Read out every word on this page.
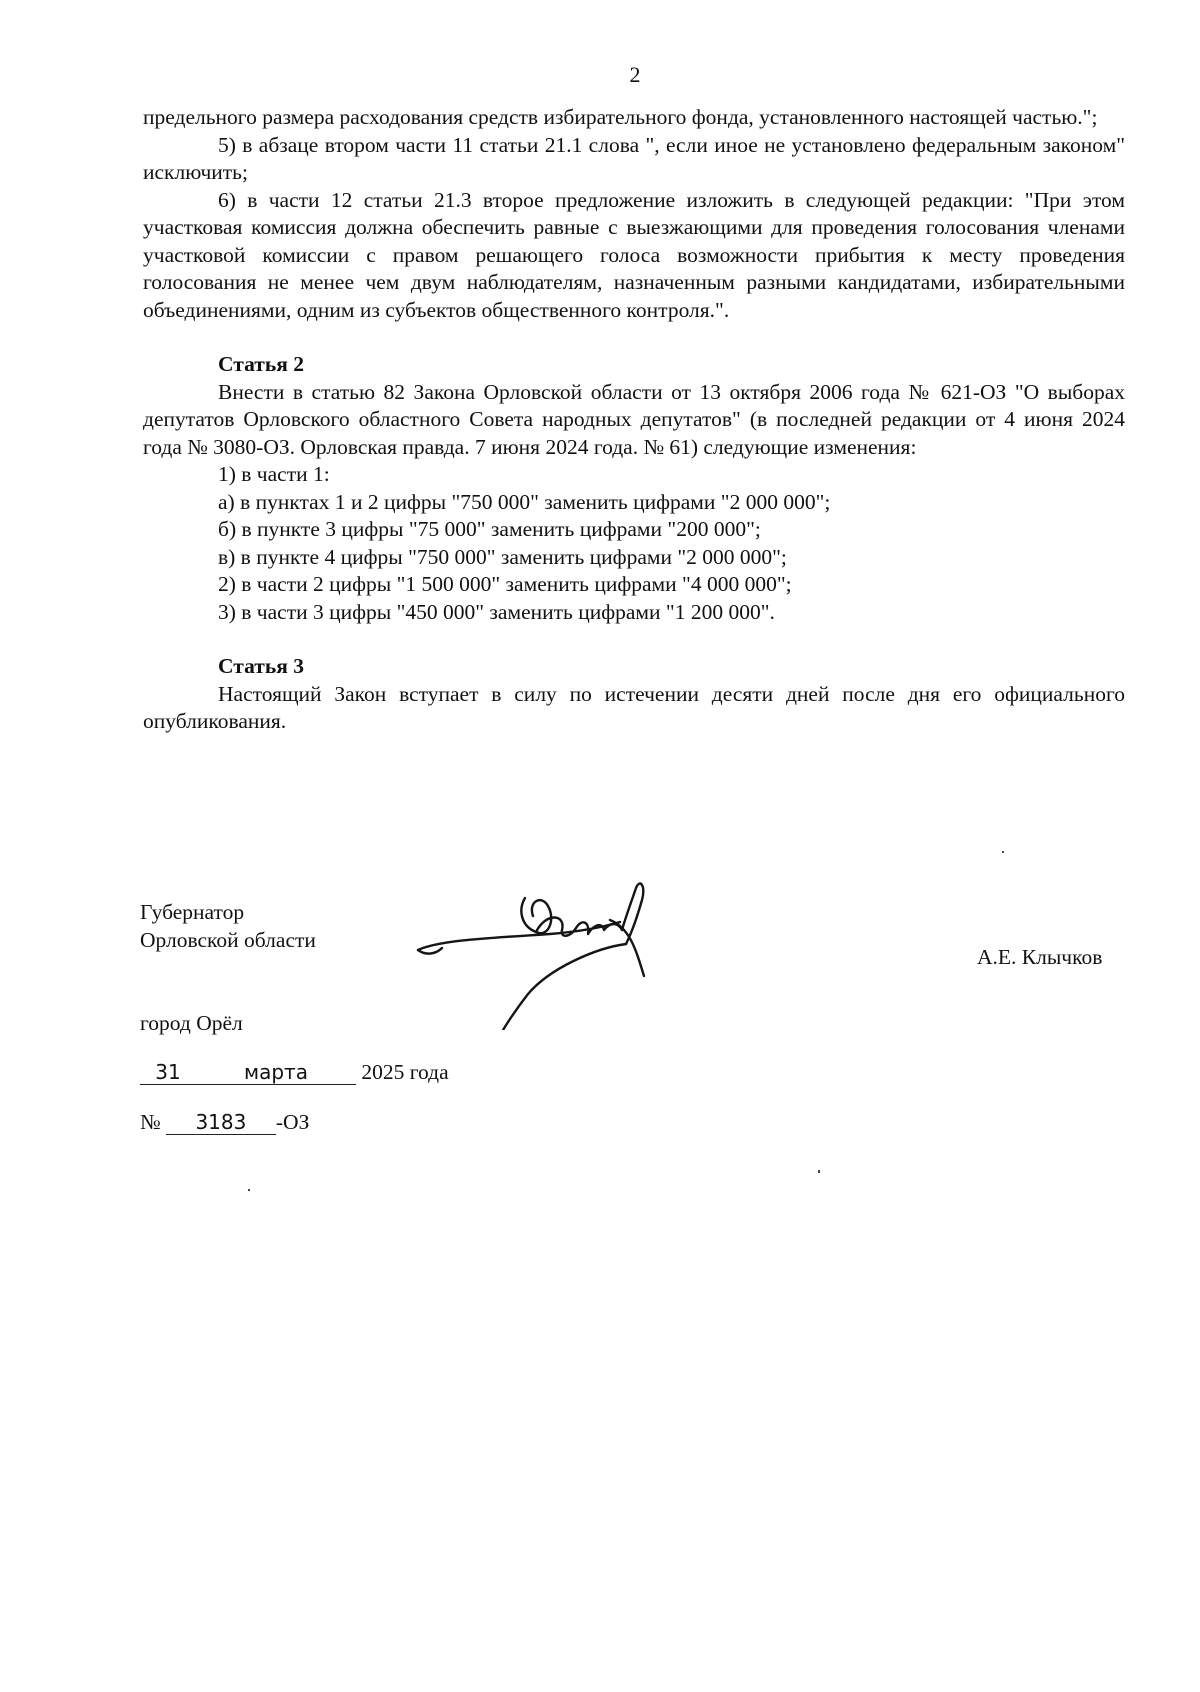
2

предельного размера расходования средств избирательного фонда, установленного настоящей частью.";

5) в абзаце втором части 11 статьи 21.1 слова ", если иное не установлено федеральным законом" исключить;

6) в части 12 статьи 21.3 второе предложение изложить в следующей редакции: "При этом участковая комиссия должна обеспечить равные с выезжающими для проведения голосования членами участковой комиссии с правом решающего голоса возможности прибытия к месту проведения голосования не менее чем двум наблюдателям, назначенным разными кандидатами, избирательными объединениями, одним из субъектов общественного контроля.".

Статья 2

Внести в статью 82 Закона Орловской области от 13 октября 2006 года № 621-ОЗ "О выборах депутатов Орловского областного Совета народных депутатов" (в последней редакции от 4 июня 2024 года № 3080-ОЗ. Орловская правда. 7 июня 2024 года. № 61) следующие изменения:

1) в части 1:

а) в пунктах 1 и 2 цифры "750 000" заменить цифрами "2 000 000";

б) в пункте 3 цифры "75 000" заменить цифрами "200 000";

в) в пункте 4 цифры "750 000" заменить цифрами "2 000 000";

2) в части 2 цифры "1 500 000" заменить цифрами "4 000 000";

3) в части 3 цифры "450 000" заменить цифрами "1 200 000".

Статья 3

Настоящий Закон вступает в силу по истечении десяти дней после дня его официального опубликования.

Губернатор
Орловской области
А.Е. Клычков
город Орёл
31	марта 2025 года
№ 3183 -ОЗ
